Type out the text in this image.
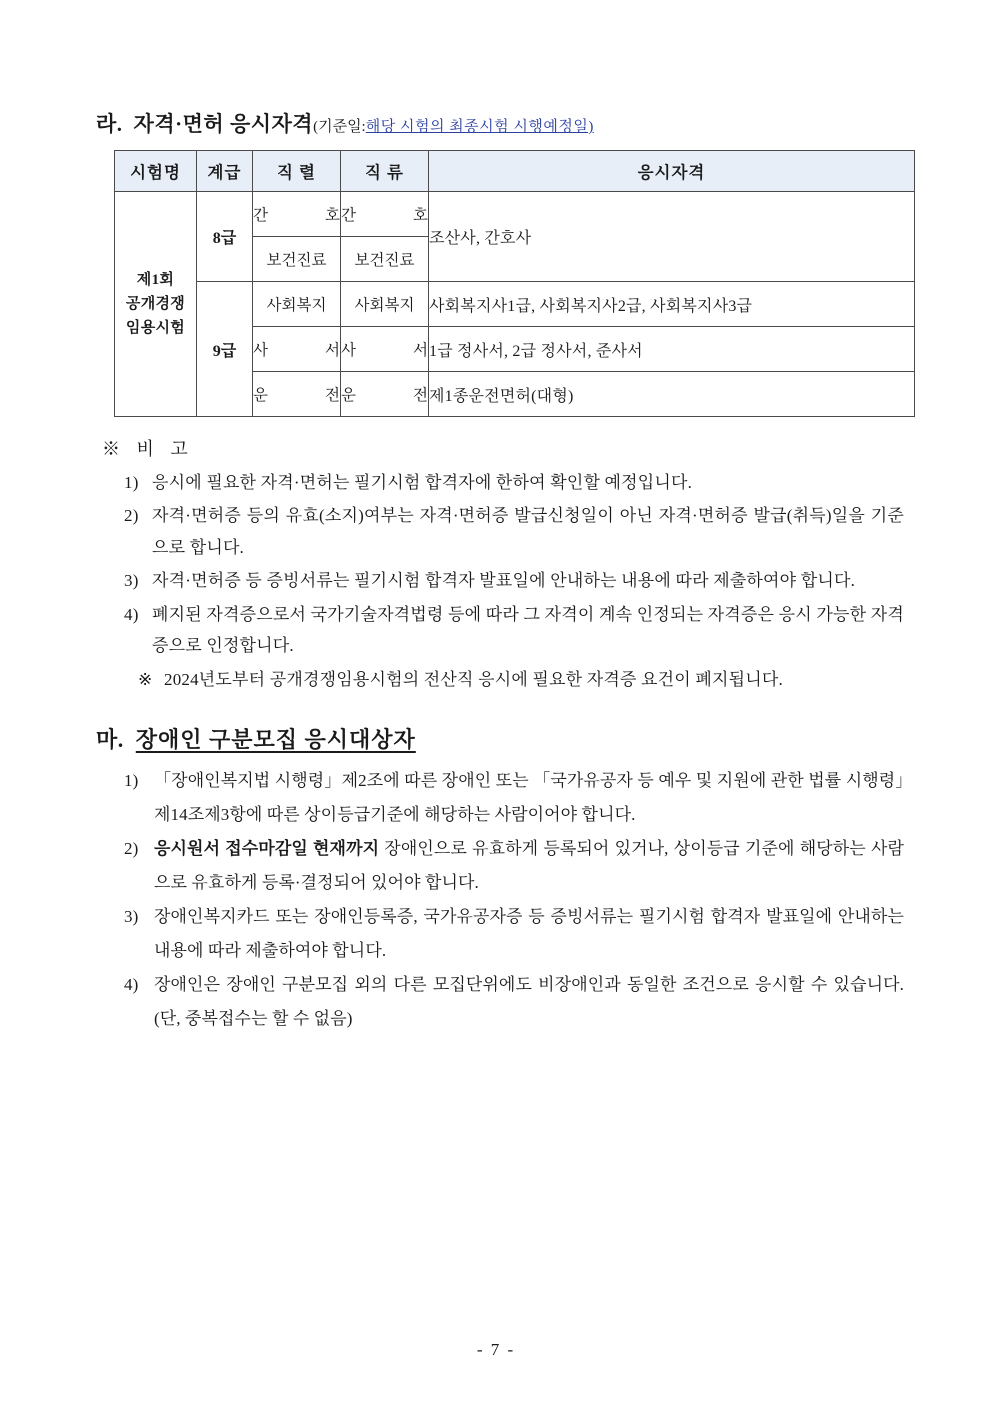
라. 자격·면허 응시자격 (기준일: 해당 시험의 최종시험 시행예정일)
시험명	계급	직 렬	직 류	응시자격
제1회
공개경쟁
임용시험	8급	간 호	간 호	조산사, 간호사
		보건진료	보건진료	
	9급	사회복지	사회복지	사회복지사1급, 사회복지사2급, 사회복지사3급

		사 서	사 서	1급 정사서, 2급 정사서, 준사서

		운 전	운 전	제1종운전면허(대형)
※ 비 고
1) 응시에 필요한 자격·면허는 필기시험 합격자에 한하여 확인할 예정입니다.
2) 자격·면허증 등의 유효(소지)여부는 자격·면허증 발급신청일이 아닌 자격·면허증 발급(취득)일을 기준으로 합니다.
3) 자격·면허증 등 증빙서류는 필기시험 합격자 발표일에 안내하는 내용에 따라 제출하여야 합니다.
4) 폐지된 자격증으로서 국가기술자격법령 등에 따라 그 자격이 계속 인정되는 자격증은 응시 가능한 자격증으로 인정합니다.
※ 2024년도부터 공개경쟁임용시험의 전산직 응시에 필요한 자격증 요건이 폐지됩니다.
마. 장애인 구분모집 응시대상자
1) 「장애인복지법 시행령」제2조에 따른 장애인 또는 「국가유공자 등 예우 및 지원에 관한 법률 시행령」제14조제3항에 따른 상이등급기준에 해당하는 사람이어야 합니다.
2) 응시원서 접수마감일 현재까지 장애인으로 유효하게 등록되어 있거나, 상이등급 기준에 해당하는 사람으로 유효하게 등록·결정되어 있어야 합니다.
3) 장애인복지카드 또는 장애인등록증, 국가유공자증 등 증빙서류는 필기시험 합격자 발표일에 안내하는 내용에 따라 제출하여야 합니다.
4) 장애인은 장애인 구분모집 외의 다른 모집단위에도 비장애인과 동일한 조건으로 응시할 수 있습니다. (단, 중복접수는 할 수 없음)
- 7 -
